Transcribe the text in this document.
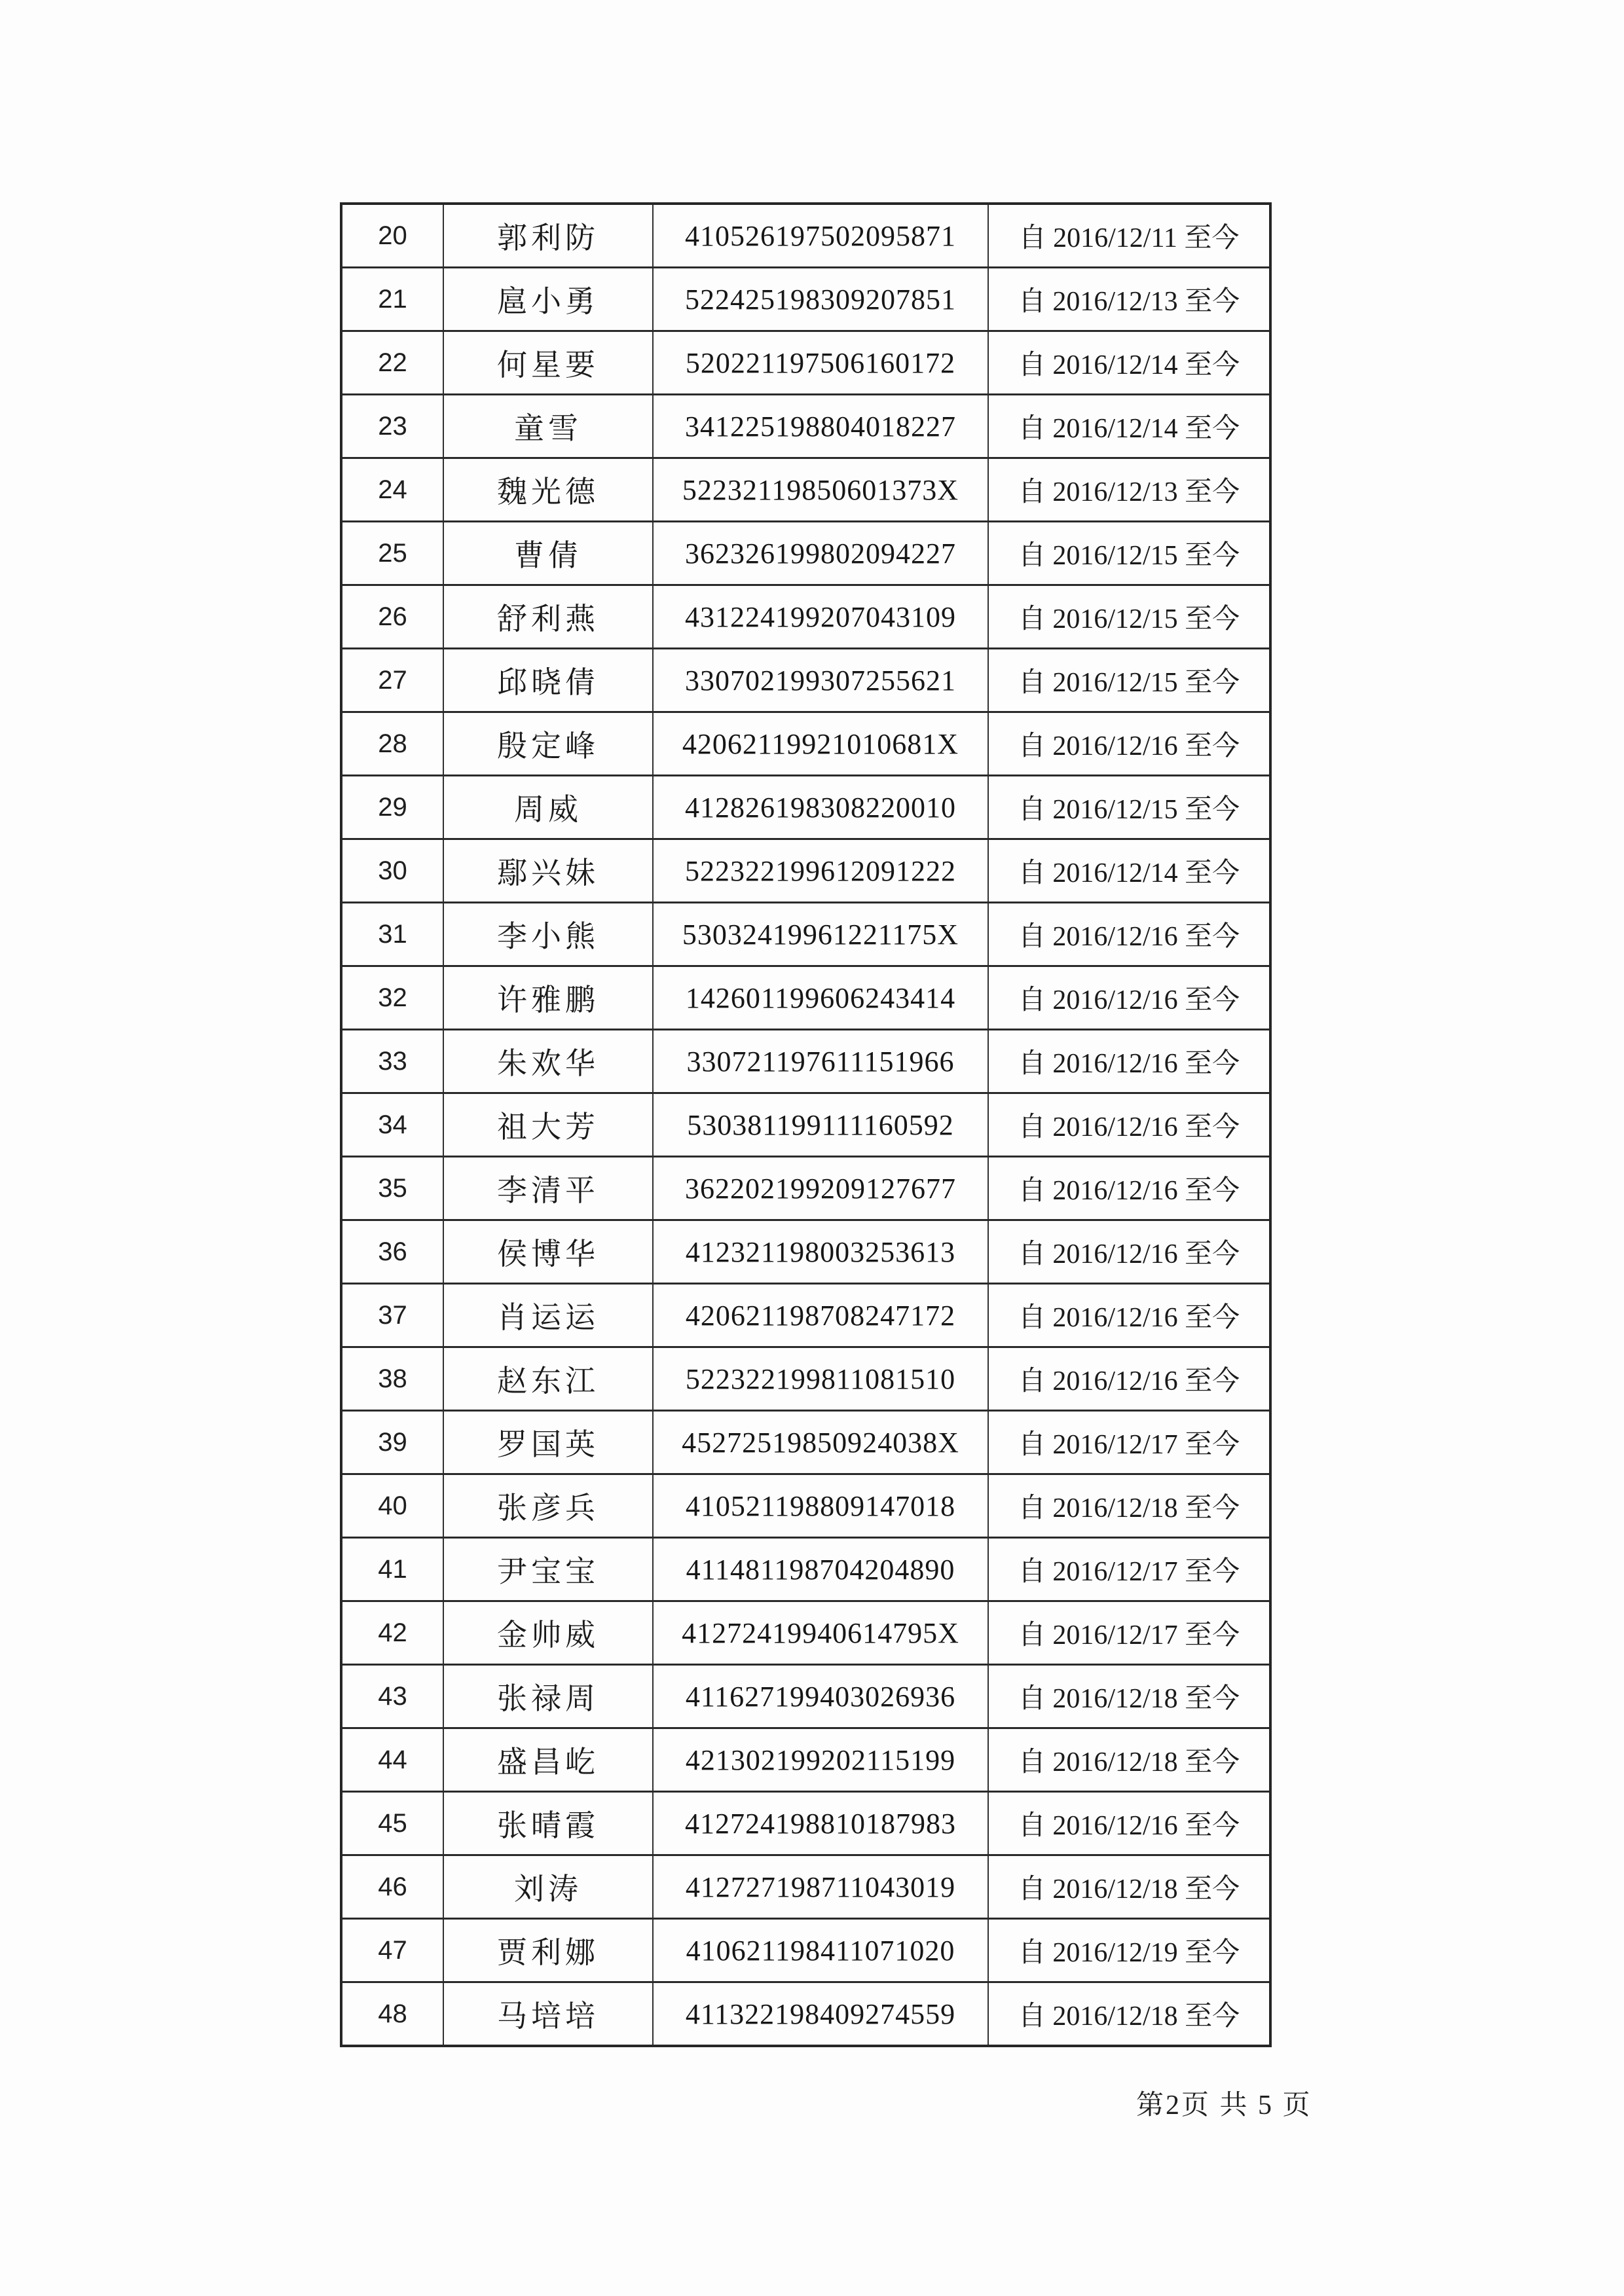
20	郭利防	410526197502095871	自 2016/12/11 至今
21	扈小勇	522425198309207851	自 2016/12/13 至今
22	何星要	520221197506160172	自 2016/12/14 至今
23	童雪	341225198804018227	自 2016/12/14 至今
24	魏光德	52232119850601373X	自 2016/12/13 至今
25	曹倩	362326199802094227	自 2016/12/15 至今
26	舒利燕	431224199207043109	自 2016/12/15 至今
27	邱晓倩	330702199307255621	自 2016/12/15 至今
28	殷定峰	42062119921010681X	自 2016/12/16 至今
29	周威	412826198308220010	自 2016/12/15 至今
30	鄢兴妹	522322199612091222	自 2016/12/14 至今
31	李小熊	53032419961221175X	自 2016/12/16 至今
32	许雅鹏	142601199606243414	自 2016/12/16 至今
33	朱欢华	330721197611151966	自 2016/12/16 至今
34	祖大芳	530381199111160592	自 2016/12/16 至今
35	李清平	362202199209127677	自 2016/12/16 至今
36	侯博华	412321198003253613	自 2016/12/16 至今
37	肖运运	420621198708247172	自 2016/12/16 至今
38	赵东江	522322199811081510	自 2016/12/16 至今
39	罗国英	45272519850924038X	自 2016/12/17 至今
40	张彦兵	410521198809147018	自 2016/12/18 至今
41	尹宝宝	411481198704204890	自 2016/12/17 至今
42	金帅威	41272419940614795X	自 2016/12/17 至今
43	张禄周	411627199403026936	自 2016/12/18 至今
44	盛昌屹	421302199202115199	自 2016/12/18 至今
45	张晴霞	412724198810187983	自 2016/12/16 至今
46	刘涛	412727198711043019	自 2016/12/18 至今
47	贾利娜	410621198411071020	自 2016/12/19 至今
48	马培培	411322198409274559	自 2016/12/18 至今
第2页 共 5 页
